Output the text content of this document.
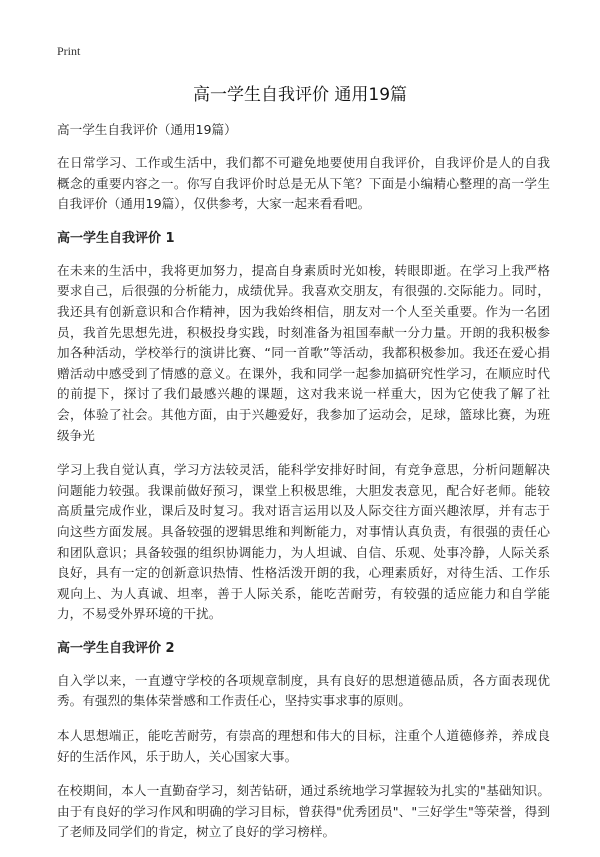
Print
高一学生自我评价 通用19篇
高一学生自我评价（通用19篇）

在日常学习、工作或生活中，我们都不可避免地要使用自我评价，自我评价是人的自我概念的重要内容之一。你写自我评价时总是无从下笔？下面是小编精心整理的高一学生自我评价（通用19篇），仅供参考，大家一起来看看吧。

高一学生自我评价 1

在未来的生活中，我将更加努力，提高自身素质时光如梭，转眼即逝。在学习上我严格要求自己，后很强的分析能力，成绩优异。我喜欢交朋友，有很强的.交际能力。同时，我还具有创新意识和合作精神，因为我始终相信，朋友对一个人至关重要。作为一名团员，我首先思想先进，积极投身实践，时刻准备为祖国奉献一分力量。开朗的我积极参加各种活动，学校举行的演讲比赛、“同一首歌”等活动，我都积极参加。我还在爱心捐赠活动中感受到了情感的意义。在课外，我和同学一起参加搞研究性学习，在顺应时代的前提下，探讨了我们最感兴趣的课题，这对我来说一样重大，因为它使我了解了社会，体验了社会。其他方面，由于兴趣爱好，我参加了运动会，足球，篮球比赛，为班级争光

学习上我自觉认真，学习方法较灵活，能科学安排好时间，有竞争意思，分析问题解决问题能力较强。我课前做好预习，课堂上积极思维，大胆发表意见，配合好老师。能较高质量完成作业，课后及时复习。我对语言运用以及人际交往方面兴趣浓厚，并有志于向这些方面发展。具备较强的逻辑思维和判断能力，对事情认真负责，有很强的责任心和团队意识；具备较强的组织协调能力，为人坦诚、自信、乐观、处事冷静，人际关系良好，具有一定的创新意识热情、性格活泼开朗的我，心理素质好，对待生活、工作乐观向上、为人真诚、坦率，善于人际关系，能吃苦耐劳，有较强的适应能力和自学能力，不易受外界环境的干扰。

高一学生自我评价 2

自入学以来，一直遵守学校的各项规章制度，具有良好的思想道德品质，各方面表现优秀。有强烈的集体荣誉感和工作责任心，坚持实事求事的原则。

本人思想端正，能吃苦耐劳，有崇高的理想和伟大的目标，注重个人道德修养，养成良好的生活作风，乐于助人，关心国家大事。

在校期间，本人一直勤奋学习，刻苦钻研，通过系统地学习掌握较为扎实的"基础知识。由于有良好的学习作风和明确的学习目标，曾获得"优秀团员"、"三好学生"等荣誉，得到了老师及同学们的肯定，树立了良好的学习榜样。
